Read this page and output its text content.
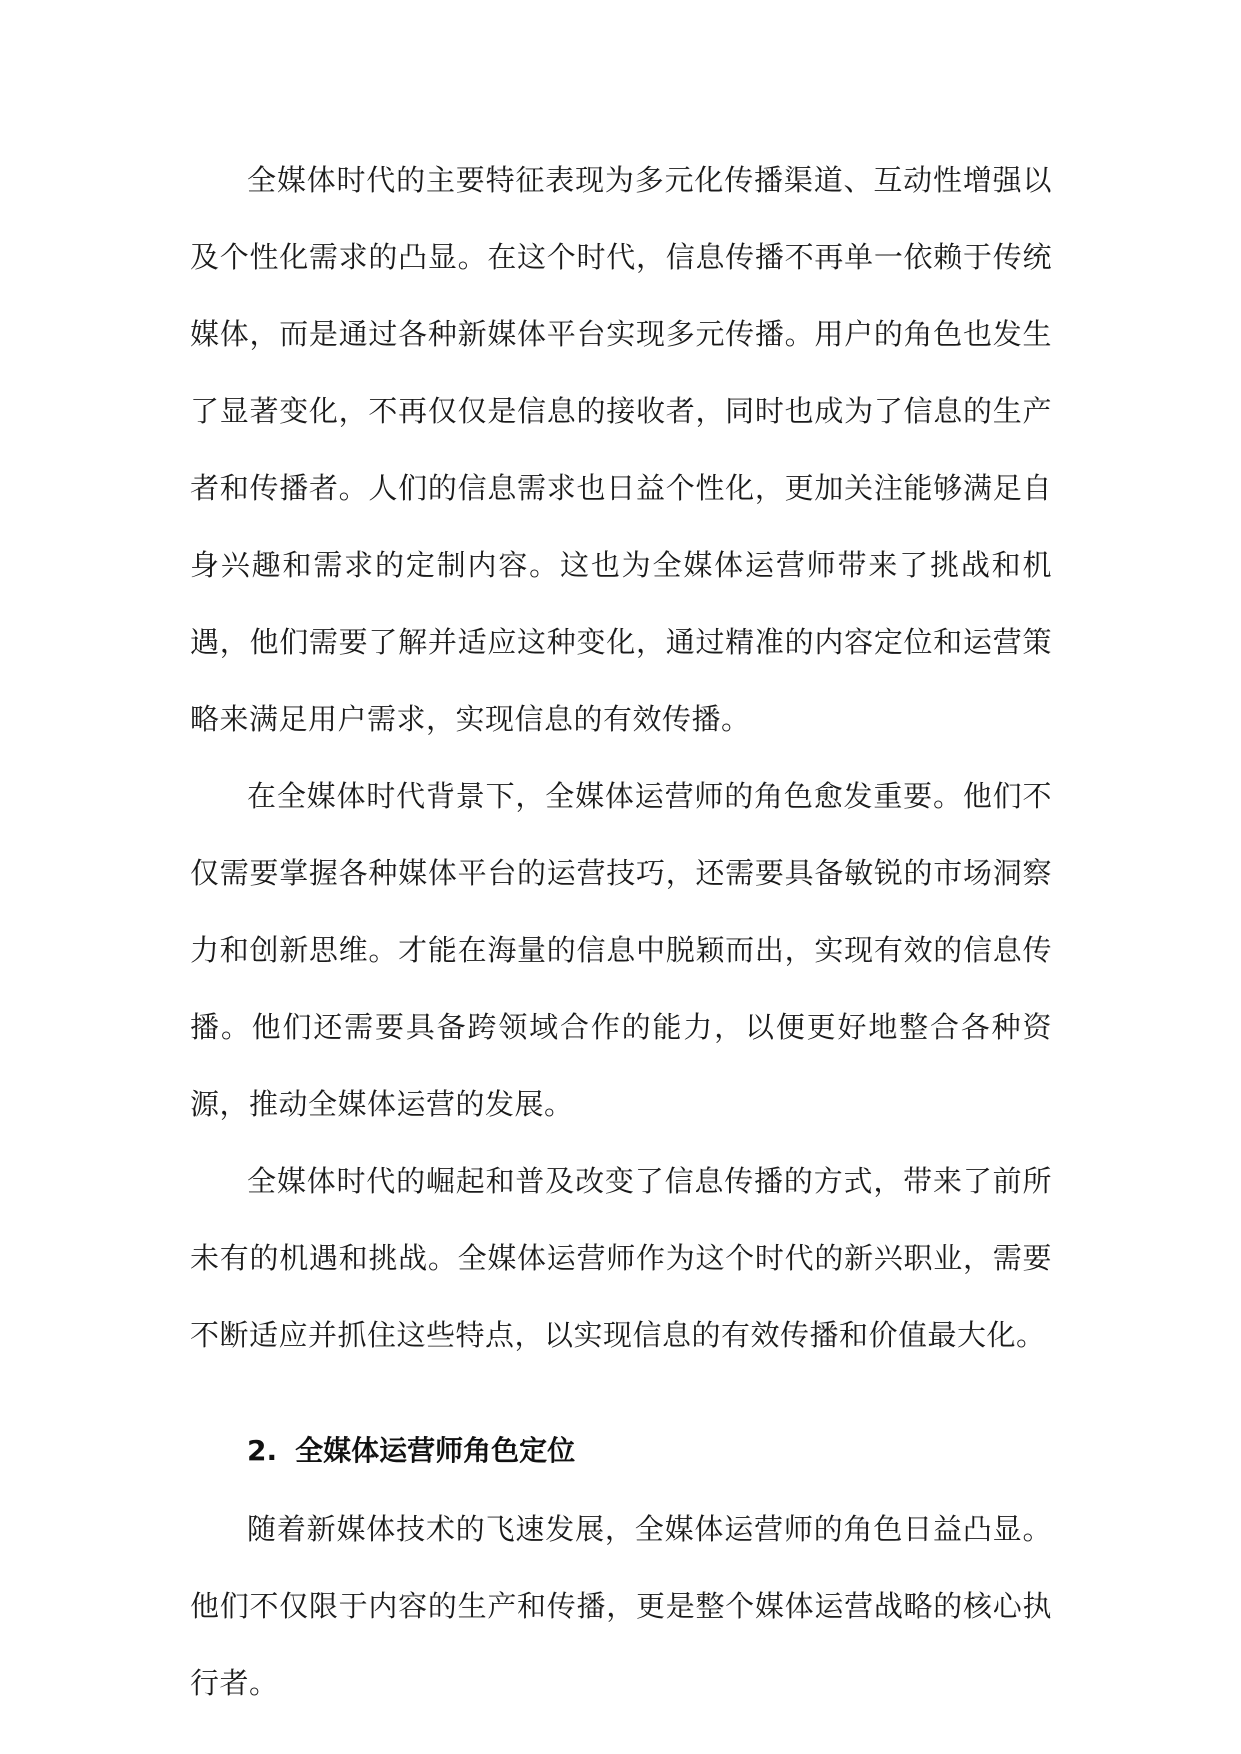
全媒体时代的主要特征表现为多元化传播渠道、互动性增强以及个性化需求的凸显。在这个时代，信息传播不再单一依赖于传统媒体，而是通过各种新媒体平台实现多元传播。用户的角色也发生了显著变化，不再仅仅是信息的接收者，同时也成为了信息的生产者和传播者。人们的信息需求也日益个性化，更加关注能够满足自身兴趣和需求的定制内容。这也为全媒体运营师带来了挑战和机遇，他们需要了解并适应这种变化，通过精准的内容定位和运营策略来满足用户需求，实现信息的有效传播。

在全媒体时代背景下，全媒体运营师的角色愈发重要。他们不仅需要掌握各种媒体平台的运营技巧，还需要具备敏锐的市场洞察力和创新思维。才能在海量的信息中脱颖而出，实现有效的信息传播。他们还需要具备跨领域合作的能力，以便更好地整合各种资源，推动全媒体运营的发展。

全媒体时代的崛起和普及改变了信息传播的方式，带来了前所未有的机遇和挑战。全媒体运营师作为这个时代的新兴职业，需要不断适应并抓住这些特点，以实现信息的有效传播和价值最大化。

2. 全媒体运营师角色定位

随着新媒体技术的飞速发展，全媒体运营师的角色日益凸显。他们不仅限于内容的生产和传播，更是整个媒体运营战略的核心执行者。
